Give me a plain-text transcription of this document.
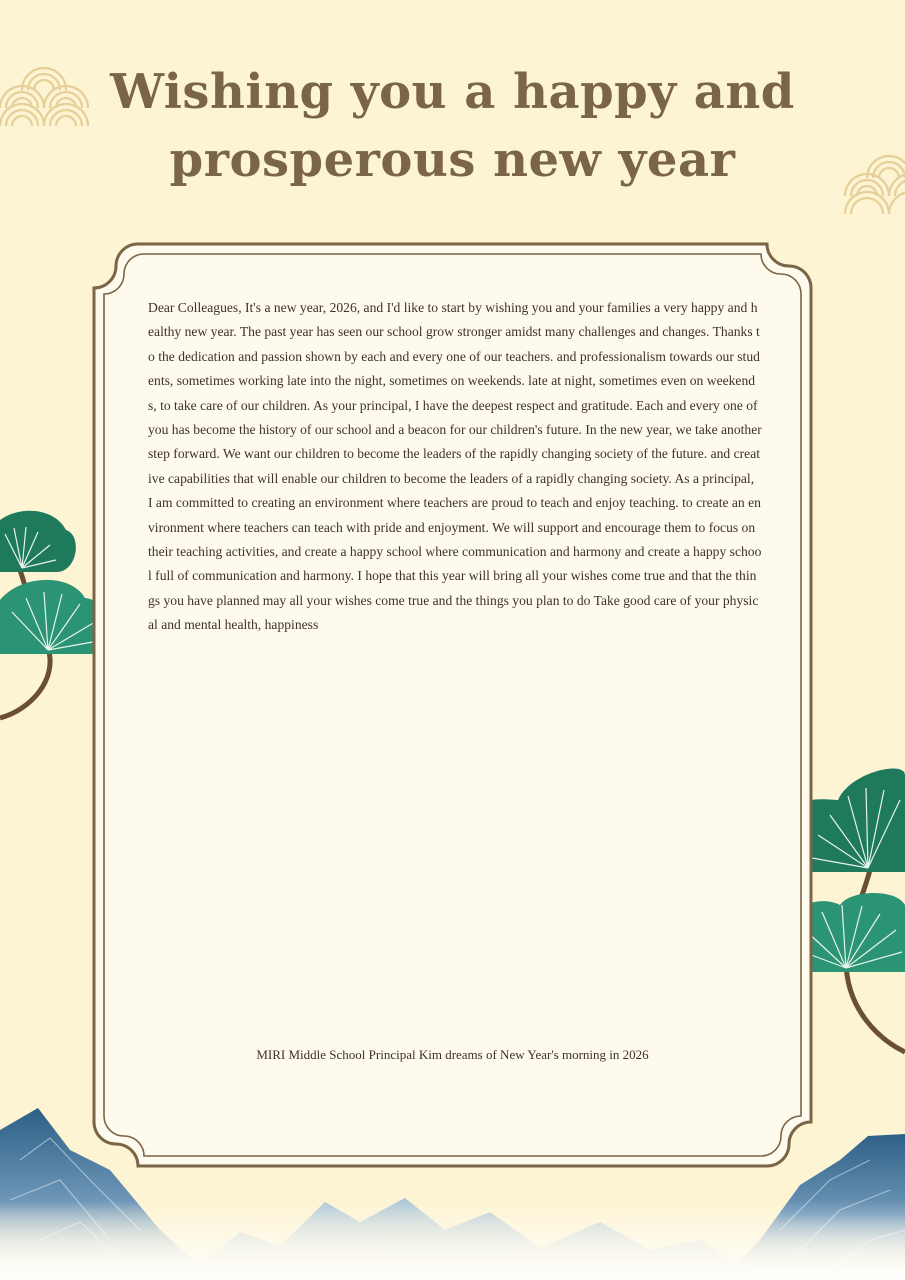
Wishing you a happy and
prosperous new year
Dear Colleagues, It's a new year, 2026, and I'd like to start by wishing you and your families a very happy and healthy new year. The past year has seen our school grow stronger amidst many challenges and changes. Thanks to the dedication and passion shown by each and every one of our teachers. and professionalism towards our students, sometimes working late into the night, sometimes on weekends. late at night, sometimes even on weekends, to take care of our children. As your principal, I have the deepest respect and gratitude. Each and every one of you has become the history of our school and a beacon for our children's future. In the new year, we take another step forward. We want our children to become the leaders of the rapidly changing society of the future. and creative capabilities that will enable our children to become the leaders of a rapidly changing society. As a principal, I am committed to creating an environment where teachers are proud to teach and enjoy teaching. to create an environment where teachers can teach with pride and enjoyment. We will support and encourage them to focus on their teaching activities, and create a happy school where communication and harmony and create a happy school full of communication and harmony. I hope that this year will bring all your wishes come true and that the things you have planned may all your wishes come true and the things you plan to do Take good care of your physical and mental health, happiness
MIRI Middle School Principal Kim dreams of New Year's morning in 2026
